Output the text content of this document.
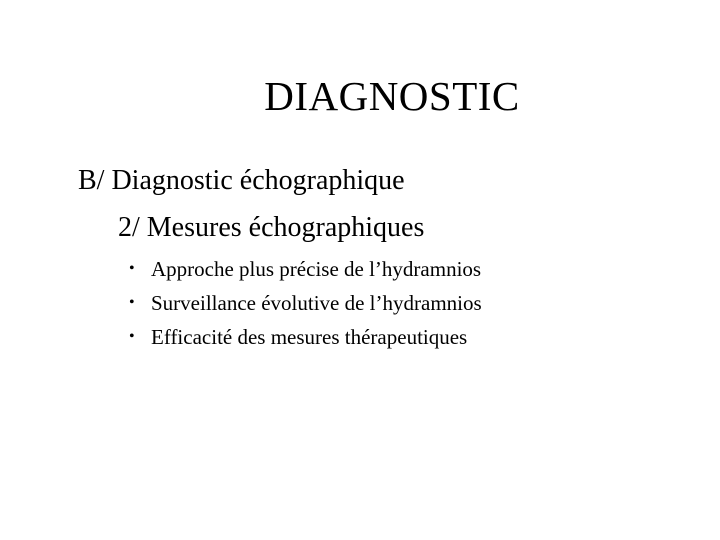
DIAGNOSTIC
B/ Diagnostic échographique
2/ Mesures échographiques
• Approche plus précise de l’hydramnios
• Surveillance évolutive de l’hydramnios
• Efficacité des mesures thérapeutiques
